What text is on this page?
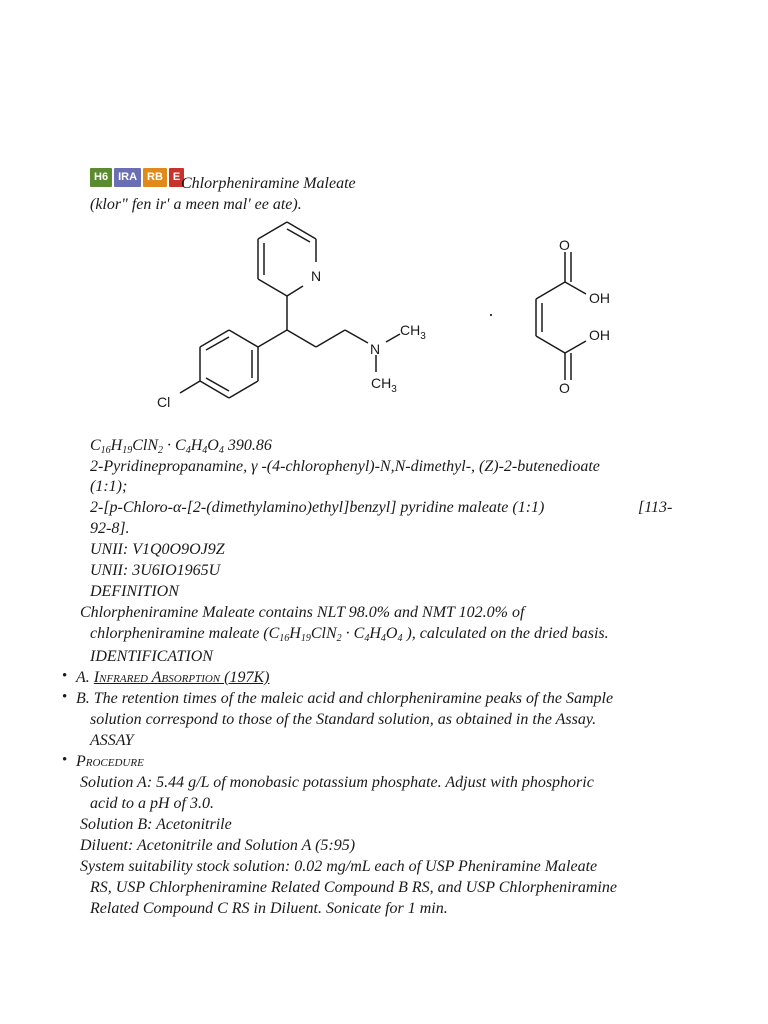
H6 IRA RB E Chlorpheniramine Maleate
(klor" fen ir' a meen mal' ee ate).
N
Cl
N
$CH_3$
$CH_3$
·
O
OH
OH
O
$C_{16}H_{19}ClN_2 \cdot C_4H_4O_4$ 390.86
2-Pyridinepropanamine, γ -(4-chlorophenyl)-N,N-dimethyl-, (Z)-2-butenedioate
(1:1);
2-[p-Chloro-α-[2-(dimethylamino)ethyl]benzyl] pyridine maleate (1:1)	[113-
92-8].
UNII: V1Q0O9OJ9Z
UNII: 3U6IO1965U
DEFINITION
Chlorpheniramine Maleate contains NLT 98.0% and NMT 102.0% of
chlorpheniramine maleate ($C_{16}H_{19}ClN_2 \cdot C_4H_4O_4$ ), calculated on the dried basis.
IDENTIFICATION
• A. Infrared Absorption (197K)
• B. The retention times of the maleic acid and chlorpheniramine peaks of the Sample
solution correspond to those of the Standard solution, as obtained in the Assay.
ASSAY
• Procedure
Solution A: 5.44 g/L of monobasic potassium phosphate. Adjust with phosphoric
acid to a pH of 3.0.
Solution B: Acetonitrile
Diluent: Acetonitrile and Solution A (5:95)
System suitability stock solution: 0.02 mg/mL each of USP Pheniramine Maleate
RS, USP Chlorpheniramine Related Compound B RS, and USP Chlorpheniramine
Related Compound C RS in Diluent. Sonicate for 1 min.
